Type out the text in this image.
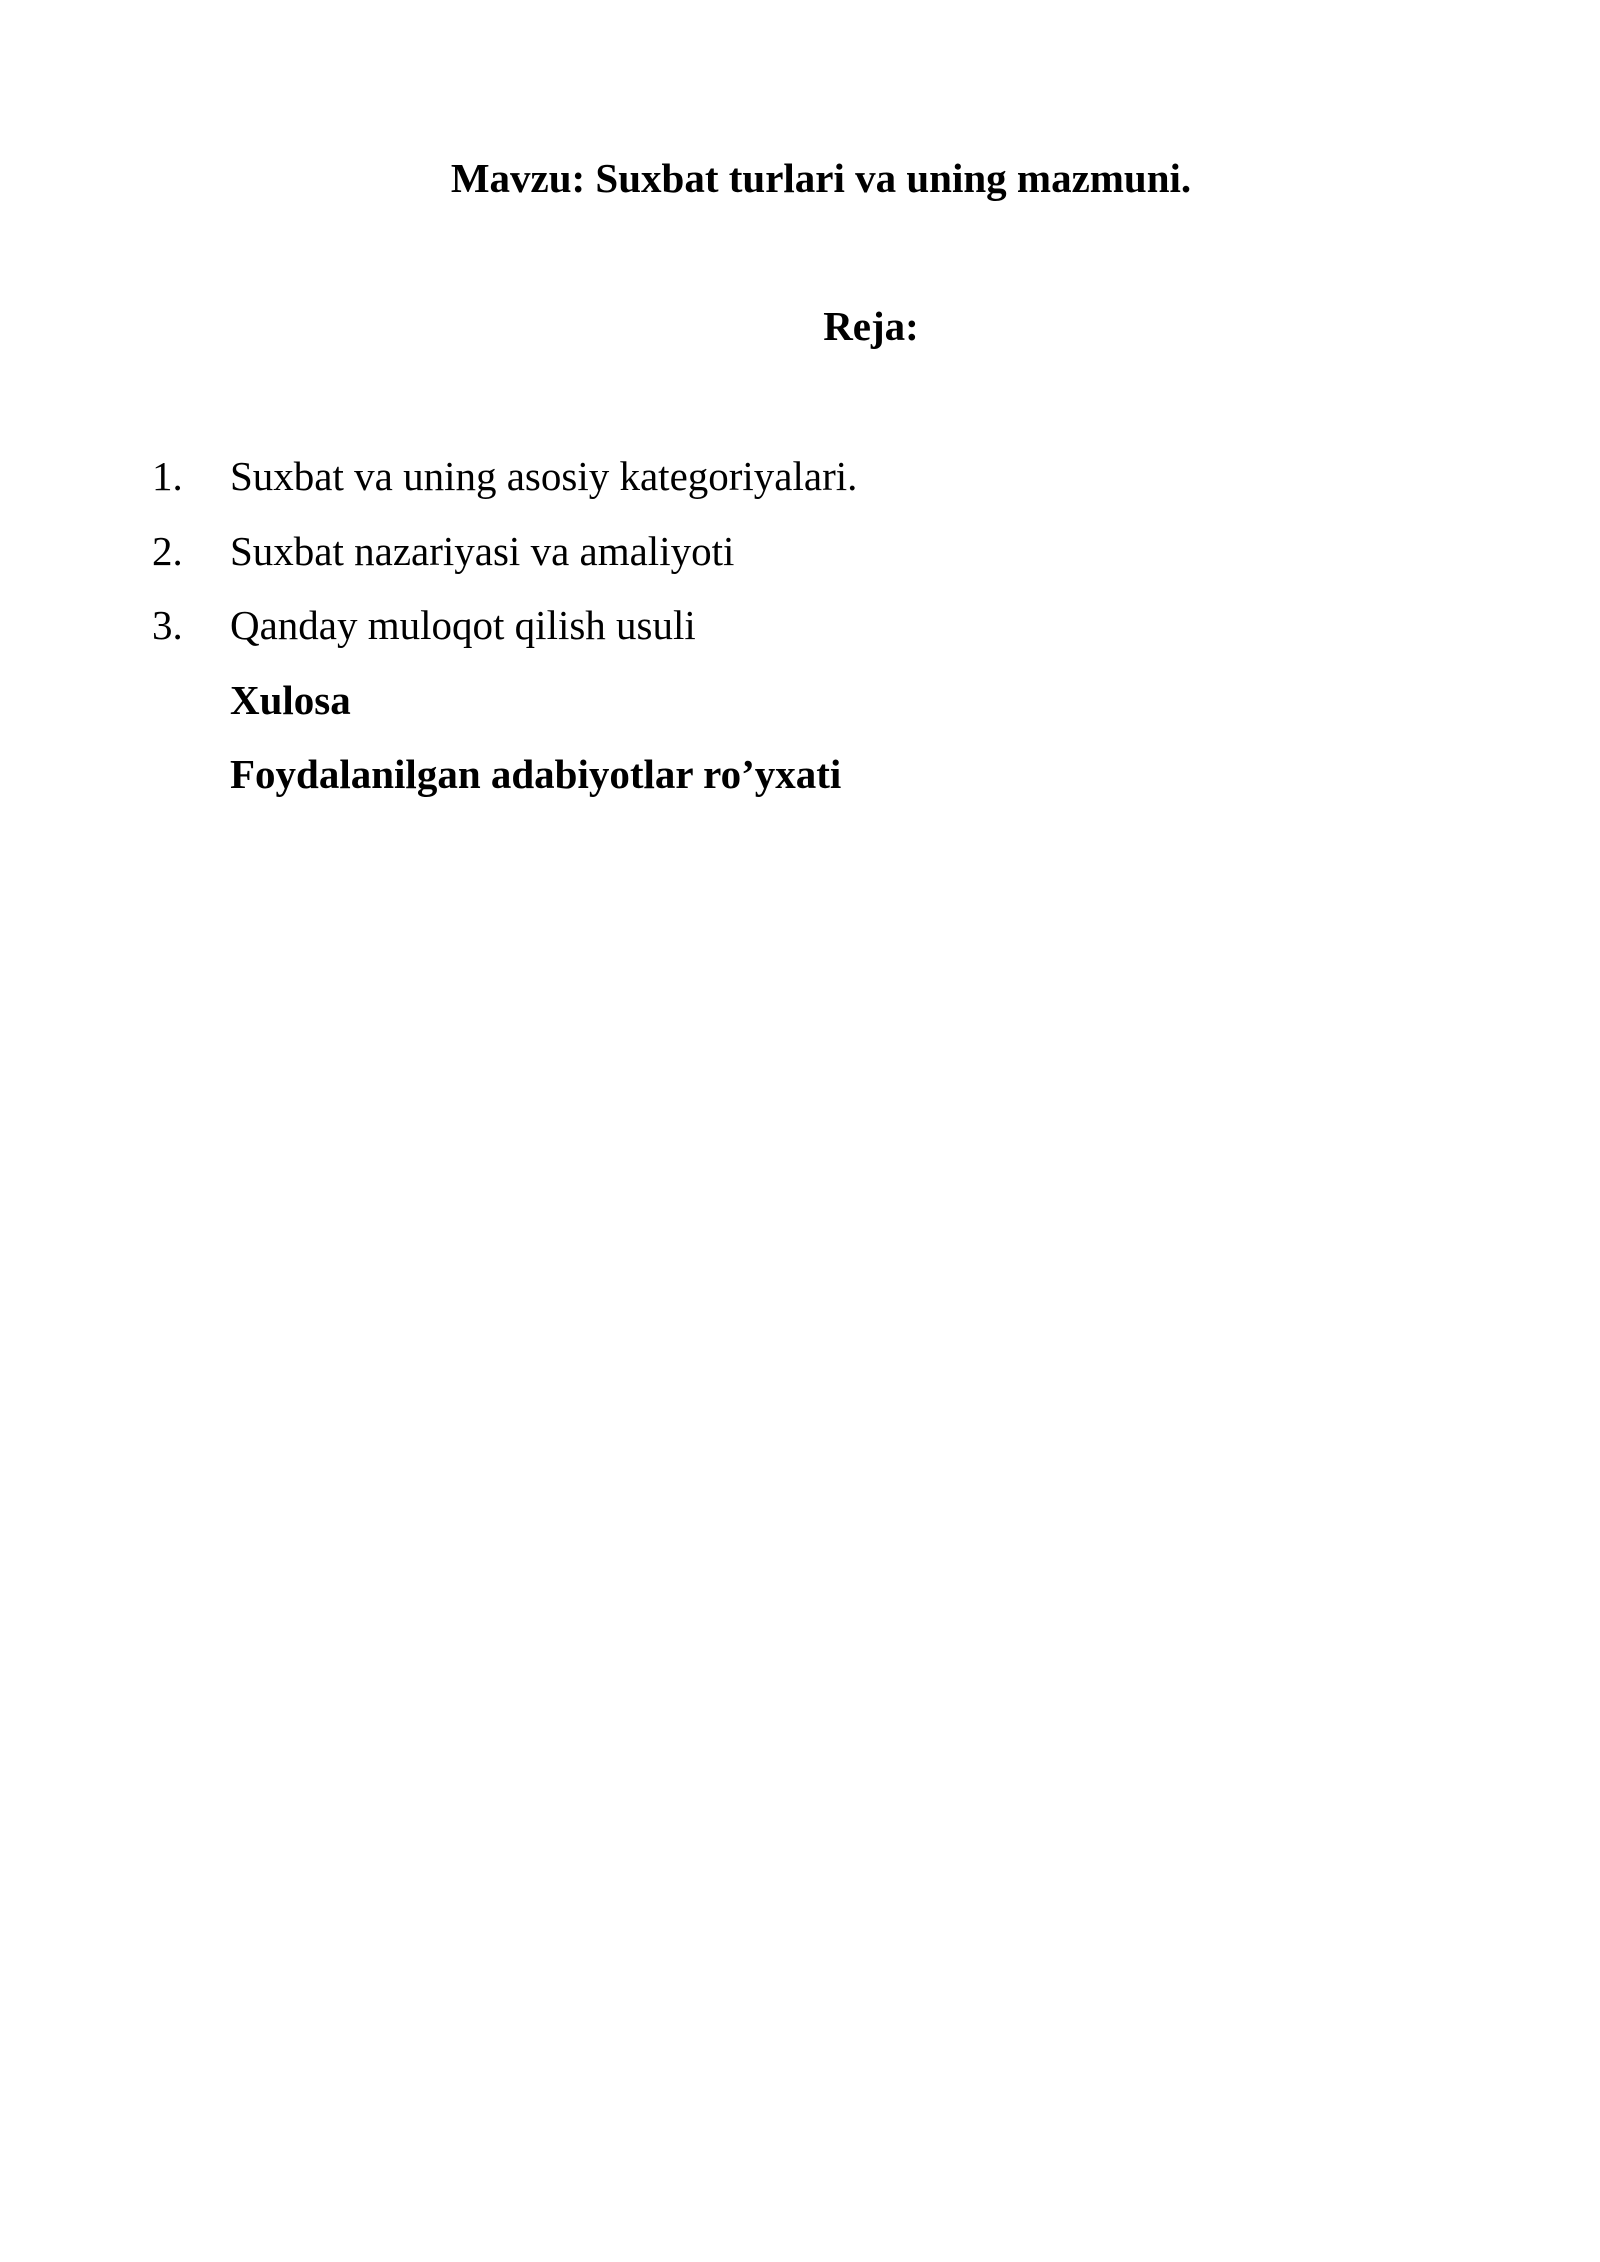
Mavzu: Suxbat turlari va uning mazmuni.
Reja:
1. Suxbat va uning asosiy kategoriyalari.
2. Suxbat nazariyasi va amaliyoti
3. Qanday muloqot qilish usuli
Xulosa
Foydalanilgan adabiyotlar ro’yxati
